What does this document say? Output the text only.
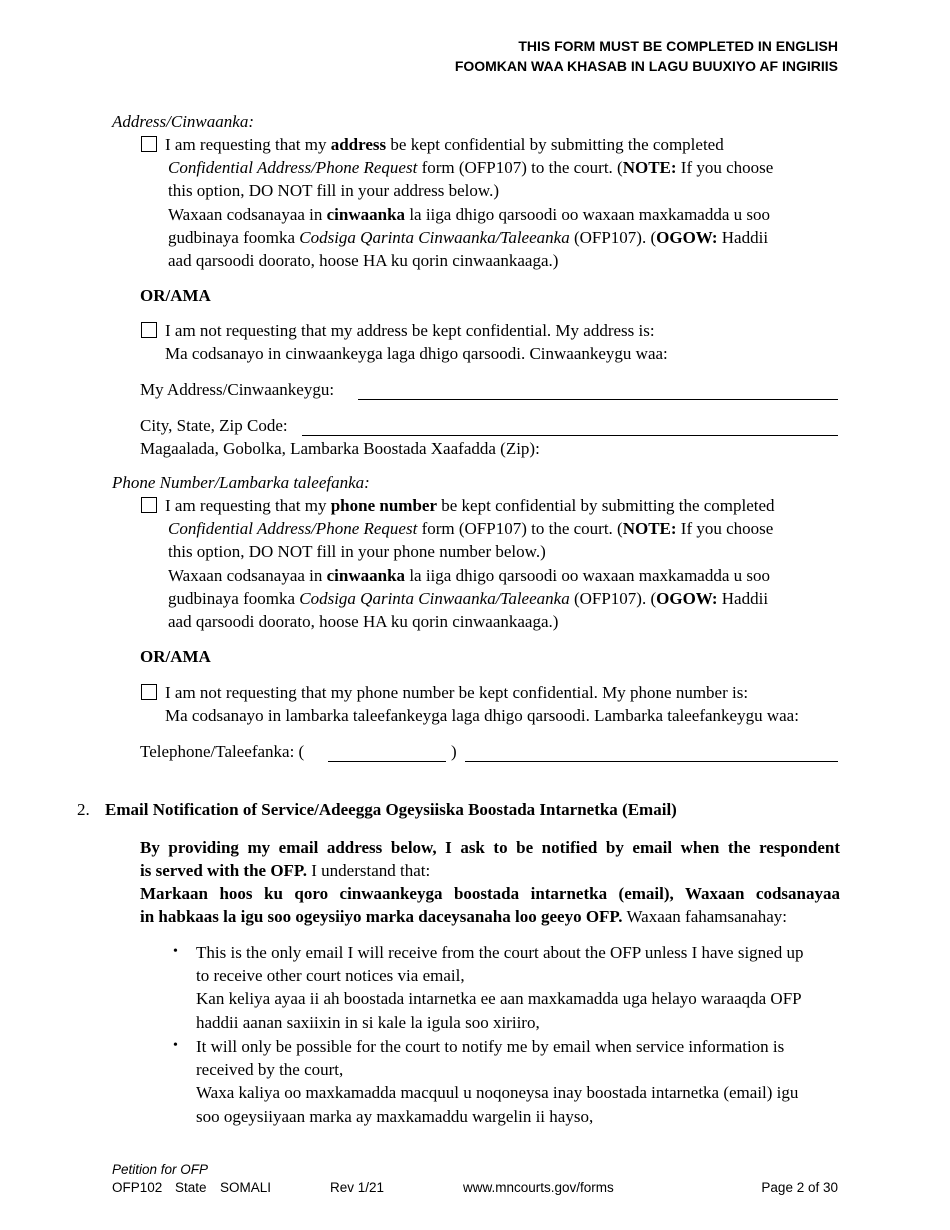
THIS FORM MUST BE COMPLETED IN ENGLISH
FOOMKAN WAA KHASAB IN LAGU BUUXIYO AF INGIRIIS
Address/Cinwaanka:
I am requesting that my address be kept confidential by submitting the completed
Confidential Address/Phone Request form (OFP107) to the court. (NOTE: If you choose
this option, DO NOT fill in your address below.)
Waxaan codsanayaa in cinwaanka la iiga dhigo qarsoodi oo waxaan maxkamadda u soo
gudbinaya foomka Codsiga Qarinta Cinwaanka/Taleeanka (OFP107). (OGOW: Haddii
aad qarsoodi doorato, hoose HA ku qorin cinwaankaaga.)
OR/AMA
I am not requesting that my address be kept confidential. My address is:
Ma codsanayo in cinwaankeyga laga dhigo qarsoodi. Cinwaankeygu waa:
My Address/Cinwaankeygu:
City, State, Zip Code:
Magaalada, Gobolka, Lambarka Boostada Xaafadda (Zip):
Phone Number/Lambarka taleefanka:
I am requesting that my phone number be kept confidential by submitting the completed
Confidential Address/Phone Request form (OFP107) to the court. (NOTE: If you choose
this option, DO NOT fill in your phone number below.)
Waxaan codsanayaa in cinwaanka la iiga dhigo qarsoodi oo waxaan maxkamadda u soo
gudbinaya foomka Codsiga Qarinta Cinwaanka/Taleeanka (OFP107). (OGOW: Haddii
aad qarsoodi doorato, hoose HA ku qorin cinwaankaaga.)
OR/AMA
I am not requesting that my phone number be kept confidential. My phone number is:
Ma codsanayo in lambarka taleefankeyga laga dhigo qarsoodi. Lambarka taleefankeygu waa:
Telephone/Taleefanka: (	)
2. Email Notification of Service/Adeegga Ogeysiiska Boostada Intarnetka (Email)
By providing my email address below, I ask to be notified by email when the respondent
is served with the OFP. I understand that:
Markaan hoos ku qoro cinwaankeyga boostada intarnetka (email), Waxaan codsanayaa
in habkaas la igu soo ogeysiiyo marka daceysanaha loo geeyo OFP. Waxaan fahamsanahay:
• This is the only email I will receive from the court about the OFP unless I have signed up
to receive other court notices via email,
Kan keliya ayaa ii ah boostada intarnetka ee aan maxkamadda uga helayo waraaqda OFP
haddii aanan saxiixin in si kale la igula soo xiriiro,
• It will only be possible for the court to notify me by email when service information is
received by the court,
Waxa kaliya oo maxkamadda macquul u noqoneysa inay boostada intarnetka (email) igu
soo ogeysiiyaan marka ay maxkamaddu wargelin ii hayso,
Petition for OFP
OFP102 State SOMALI	Rev 1/21	www.mncourts.gov/forms	Page 2 of 30
